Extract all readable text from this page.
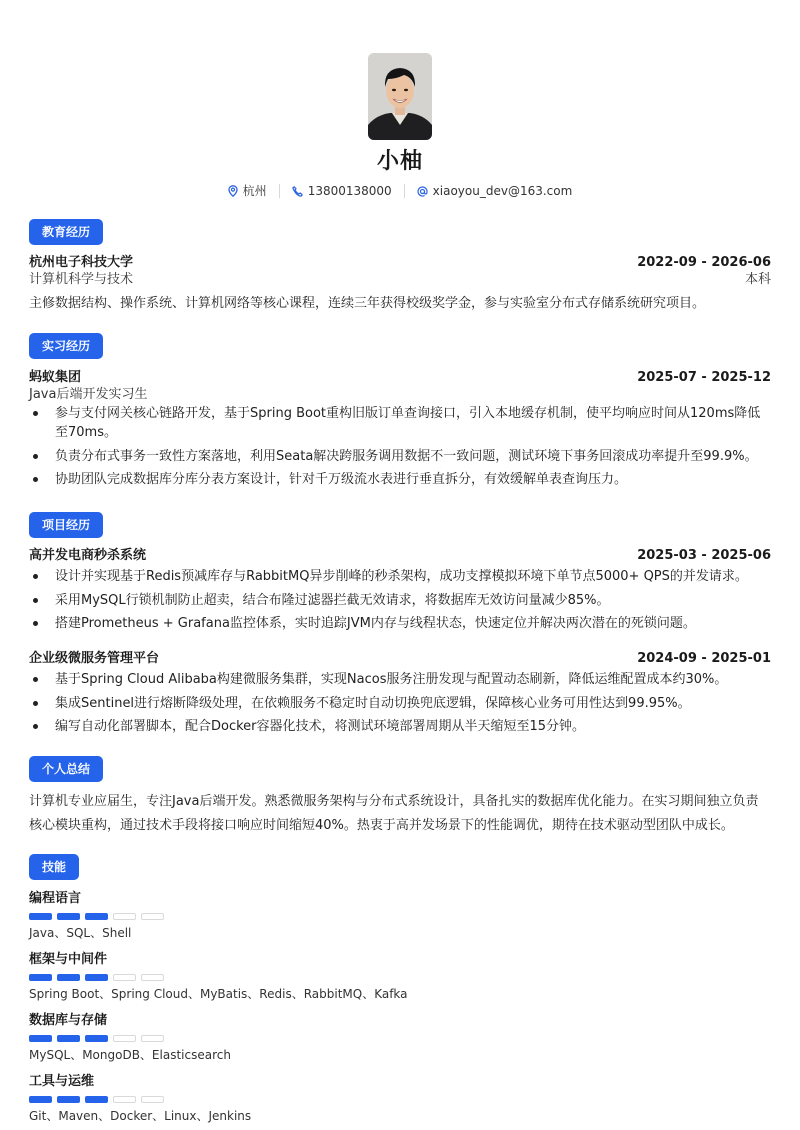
小柚
杭州	13800138000	xiaoyou_dev@163.com
教育经历
杭州电子科技大学	2022-09 - 2026-06
计算机科学与技术	本科
主修数据结构、操作系统、计算机网络等核心课程，连续三年获得校级奖学金，参与实验室分布式存储系统研究项目。
实习经历
蚂蚁集团	2025-07 - 2025-12
Java后端开发实习生
参与支付网关核心链路开发，基于Spring Boot重构旧版订单查询接口，引入本地缓存机制，使平均响应时间从120ms降低至70ms。
负责分布式事务一致性方案落地，利用Seata解决跨服务调用数据不一致问题，测试环境下事务回滚成功率提升至99.9%。
协助团队完成数据库分库分表方案设计，针对千万级流水表进行垂直拆分，有效缓解单表查询压力。
项目经历
高并发电商秒杀系统	2025-03 - 2025-06
设计并实现基于Redis预减库存与RabbitMQ异步削峰的秒杀架构，成功支撑模拟环境下单节点5000+ QPS的并发请求。
采用MySQL行锁机制防止超卖，结合布隆过滤器拦截无效请求，将数据库无效访问量减少85%。
搭建Prometheus + Grafana监控体系，实时追踪JVM内存与线程状态，快速定位并解决两次潜在的死锁问题。
企业级微服务管理平台	2024-09 - 2025-01
基于Spring Cloud Alibaba构建微服务集群，实现Nacos服务注册发现与配置动态刷新，降低运维配置成本约30%。
集成Sentinel进行熔断降级处理，在依赖服务不稳定时自动切换兜底逻辑，保障核心业务可用性达到99.95%。
编写自动化部署脚本，配合Docker容器化技术，将测试环境部署周期从半天缩短至15分钟。
个人总结
计算机专业应届生，专注Java后端开发。熟悉微服务架构与分布式系统设计，具备扎实的数据库优化能力。在实习期间独立负责核心模块重构，通过技术手段将接口响应时间缩短40%。热衷于高并发场景下的性能调优，期待在技术驱动型团队中成长。
技能
编程语言
Java、SQL、Shell
框架与中间件
Spring Boot、Spring Cloud、MyBatis、Redis、RabbitMQ、Kafka
数据库与存储
MySQL、MongoDB、Elasticsearch
工具与运维
Git、Maven、Docker、Linux、Jenkins
